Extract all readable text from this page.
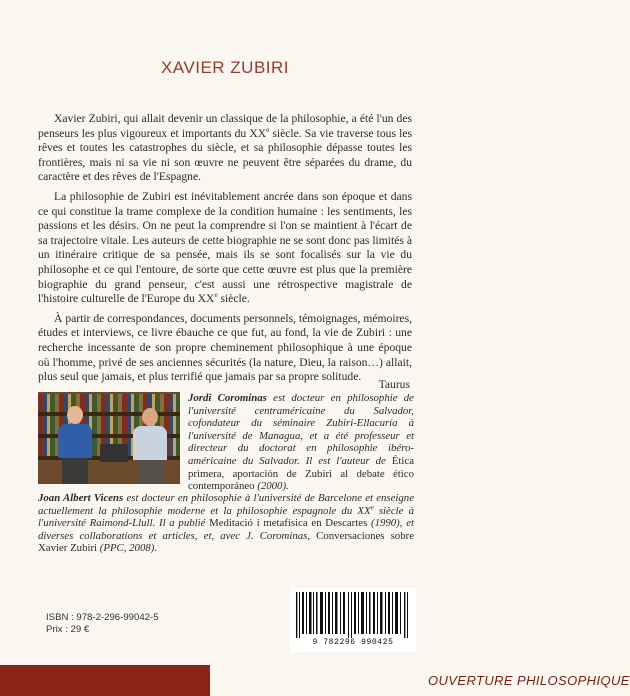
XAVIER ZUBIRI

Xavier Zubiri, qui allait devenir un classique de la philosophie, a été l'un des penseurs les plus vigoureux et importants du XXe siècle. Sa vie traverse tous les rêves et toutes les catastrophes du siècle, et sa philosophie dépasse toutes les frontières, mais ni sa vie ni son œuvre ne peuvent être séparées du drame, du caractère et des rêves de l'Espagne.

La philosophie de Zubiri est inévitablement ancrée dans son époque et dans ce qui constitue la trame complexe de la condition humaine : les sentiments, les passions et les désirs. On ne peut la comprendre si l'on se maintient à l'écart de sa trajectoire vitale. Les auteurs de cette biographie ne se sont donc pas limités à un itinéraire critique de sa pensée, mais ils se sont focalisés sur la vie du philosophe et ce qui l'entoure, de sorte que cette œuvre est plus que la première biographie du grand penseur, c'est aussi une rétrospective magistrale de l'histoire culturelle de l'Europe du XXe siècle.

À partir de correspondances, documents personnels, témoignages, mémoires, études et interviews, ce livre ébauche ce que fut, au fond, la vie de Zubiri : une recherche incessante de son propre cheminement philosophique à une époque où l'homme, privé de ses anciennes sécurités (la nature, Dieu, la raison…) allait, plus seul que jamais, et plus terrifié que jamais par sa propre solitude.

Taurus
Jordi Corominas est docteur en philosophie de l'université centraméricaine du Salvador, cofondateur du séminaire Zubiri-Ellacuría à l'université de Managua, et a été professeur et directeur du doctorat en philosophie ibéro-américaine du Salvador. Il est l'auteur de Ética primera, aportación de Zubiri al debate ético contemporáneo (2000).
Joan Albert Vicens est docteur en philosophie à l'université de Barcelone et enseigne actuellement la philosophie moderne et la philosophie espagnole du XXe siècle à l'université Raimond-Llull. Il a publié Meditació i metafísica en Descartes (1990), et diverses collaborations et articles, et, avec J. Corominas, Conversaciones sobre Xavier Zubiri (PPC, 2008).
ISBN : 978-2-296-99042-5
Prix : 29 €
9 782296 990425
OUVERTURE PHILOSOPHIQUE
